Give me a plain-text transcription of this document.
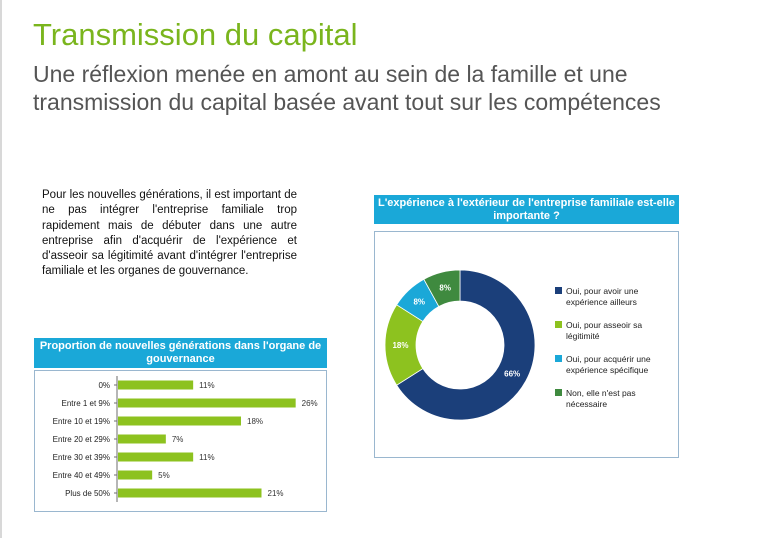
Transmission du capital
Une réflexion menée en amont au sein de la famille et une transmission du capital basée avant tout sur les compétences

Pour les nouvelles générations, il est important de ne pas intégrer l'entreprise familiale trop rapidement mais de débuter dans une autre entreprise afin d'acquérir de l'expérience et d'asseoir sa légitimité avant d'intégrer l'entreprise familiale et les organes de gouvernance.

Proportion de nouvelles générations dans l'organe de gouvernance
0%	11%
Entre 1 et 9%	26%
Entre 10 et 19%	18%
Entre 20 et 29%	7%
Entre 30 et 39%	11%
Entre 40 et 49%	5%
Plus de 50%	21%
L'expérience à l'extérieur de l'entreprise familiale est-elle importante ?
66%
18%
8%
8%	Oui, pour avoir une expérience ailleurs
Oui, pour asseoir sa légitimité
Oui, pour acquérir une expérience spécifique
Non, elle n'est pas nécessaire
